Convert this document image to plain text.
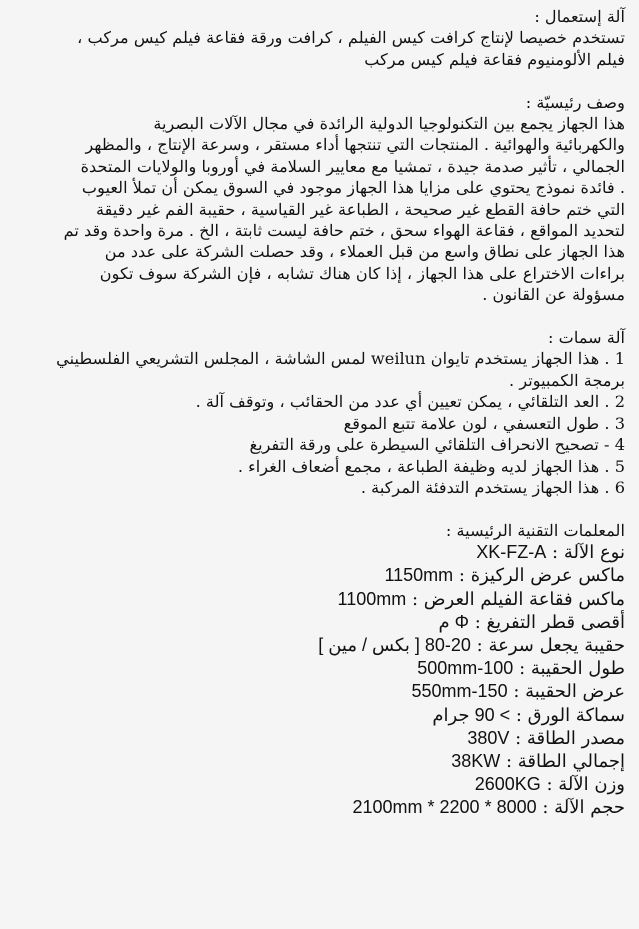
آلة إستعمال :

تستخدم خصيصا لإنتاج كرافت كيس الفيلم ، كرافت ورقة فقاعة فيلم كيس مركب ،

فيلم الألومنيوم فقاعة فيلم كيس مركب

وصف رئيسيّة :

هذا الجهاز يجمع بين التكنولوجيا الدولية الرائدة في مجال الآلات البصرية

والكهربائية والهوائية . المنتجات التي تنتجها أداء مستقر ، وسرعة الإنتاج ، والمظهر

الجمالي ، تأثير صدمة جيدة ، تمشيا مع معايير السلامة في أوروبا والولايات المتحدة

. فائدة نموذج يحتوي على مزايا هذا الجهاز موجود في السوق يمكن أن تملأ العيوب

التي ختم حافة القطع غير صحيحة ، الطباعة غير القياسية ، حقيبة الفم غير دقيقة

لتحديد المواقع ، فقاعة الهواء سحق ، ختم حافة ليست ثابتة ، الخ . مرة واحدة وقد تم

هذا الجهاز على نطاق واسع من قبل العملاء ، وقد حصلت الشركة على عدد من

براءات الاختراع على هذا الجهاز ، إذا كان هناك تشابه ، فإن الشركة سوف تكون

مسؤولة عن القانون .

آلة سمات :

1 . هذا الجهاز يستخدم تايوان weilun لمس الشاشة ، المجلس التشريعي الفلسطيني

برمجة الكمبيوتر .

2 . العد التلقائي ، يمكن تعيين أي عدد من الحقائب ، وتوقف آلة .

3 . طول التعسفي ، لون علامة تتبع الموقع

4 - تصحيح الانحراف التلقائي السيطرة على ورقة التفريغ

5 . هذا الجهاز لديه وظيفة الطباعة ، مجمع أضعاف الغراء .

6 . هذا الجهاز يستخدم التدفئة المركبة .

المعلمات التقنية الرئيسية :

نوع الآلة : XK-FZ-A

ماكس عرض الركيزة : 1150mm

ماكس فقاعة الفيلم العرض : 1100mm

أقصى قطر التفريغ : Φ م

حقيبة يجعل سرعة : 20-80 [ بكس / مين ]

طول الحقيبة : 100-500mm

عرض الحقيبة : 150-550mm

سماكة الورق : > 90 جرام

مصدر الطاقة : 380V

إجمالي الطاقة : 38KW

وزن الآلة : 2600KG

حجم الآلة : 8000 * 2200 * 2100mm
